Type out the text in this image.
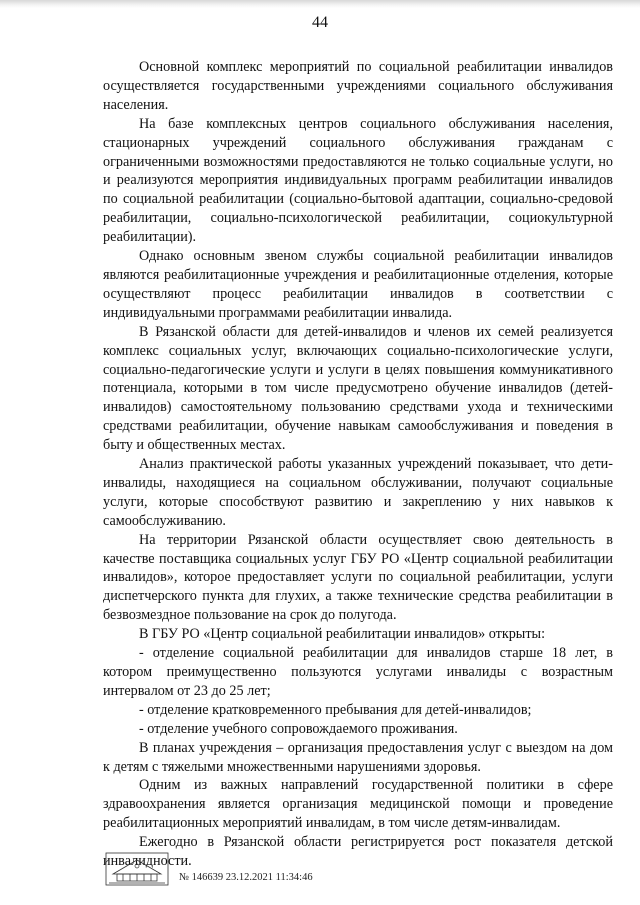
44

Основной комплекс мероприятий по социальной реабилитации инвалидов осуществляется государственными учреждениями социального обслуживания населения.

На базе комплексных центров социального обслуживания населения, стационарных учреждений социального обслуживания гражданам с ограниченными возможностями предоставляются не только социальные услуги, но и реализуются мероприятия индивидуальных программ реабилитации инвалидов по социальной реабилитации (социально-бытовой адаптации, социально-средовой реабилитации, социально-психологической реабилитации, социокультурной реабилитации).

Однако основным звеном службы социальной реабилитации инвалидов являются реабилитационные учреждения и реабилитационные отделения, которые осуществляют процесс реабилитации инвалидов в соответствии с индивидуальными программами реабилитации инвалида.

В Рязанской области для детей-инвалидов и членов их семей реализуется комплекс социальных услуг, включающих социально-психологические услуги, социально-педагогические услуги и услуги в целях повышения коммуникативного потенциала, которыми в том числе предусмотрено обучение инвалидов (детей-инвалидов) самостоятельному пользованию средствами ухода и техническими средствами реабилитации, обучение навыкам самообслуживания и поведения в быту и общественных местах.

Анализ практической работы указанных учреждений показывает, что дети-инвалиды, находящиеся на социальном обслуживании, получают социальные услуги, которые способствуют развитию и закреплению у них навыков к самообслуживанию.

На территории Рязанской области осуществляет свою деятельность в качестве поставщика социальных услуг ГБУ РО «Центр социальной реабилитации инвалидов», которое предоставляет услуги по социальной реабилитации, услуги диспетчерского пункта для глухих, а также технические средства реабилитации в безвозмездное пользование на срок до полугода.

В ГБУ РО «Центр социальной реабилитации инвалидов» открыты:

- отделение социальной реабилитации для инвалидов старше 18 лет, в котором преимущественно пользуются услугами инвалиды с возрастным интервалом от 23 до 25 лет;

- отделение кратковременного пребывания для детей-инвалидов;

- отделение учебного сопровождаемого проживания.

В планах учреждения – организация предоставления услуг с выездом на дом к детям с тяжелыми множественными нарушениями здоровья.

Одним из важных направлений государственной политики в сфере здравоохранения является организация медицинской помощи и проведение реабилитационных мероприятий инвалидам, в том числе детям-инвалидам.

Ежегодно в Рязанской области регистрируется рост показателя детской инвалидности.

№ 146639 23.12.2021 11:34:46
